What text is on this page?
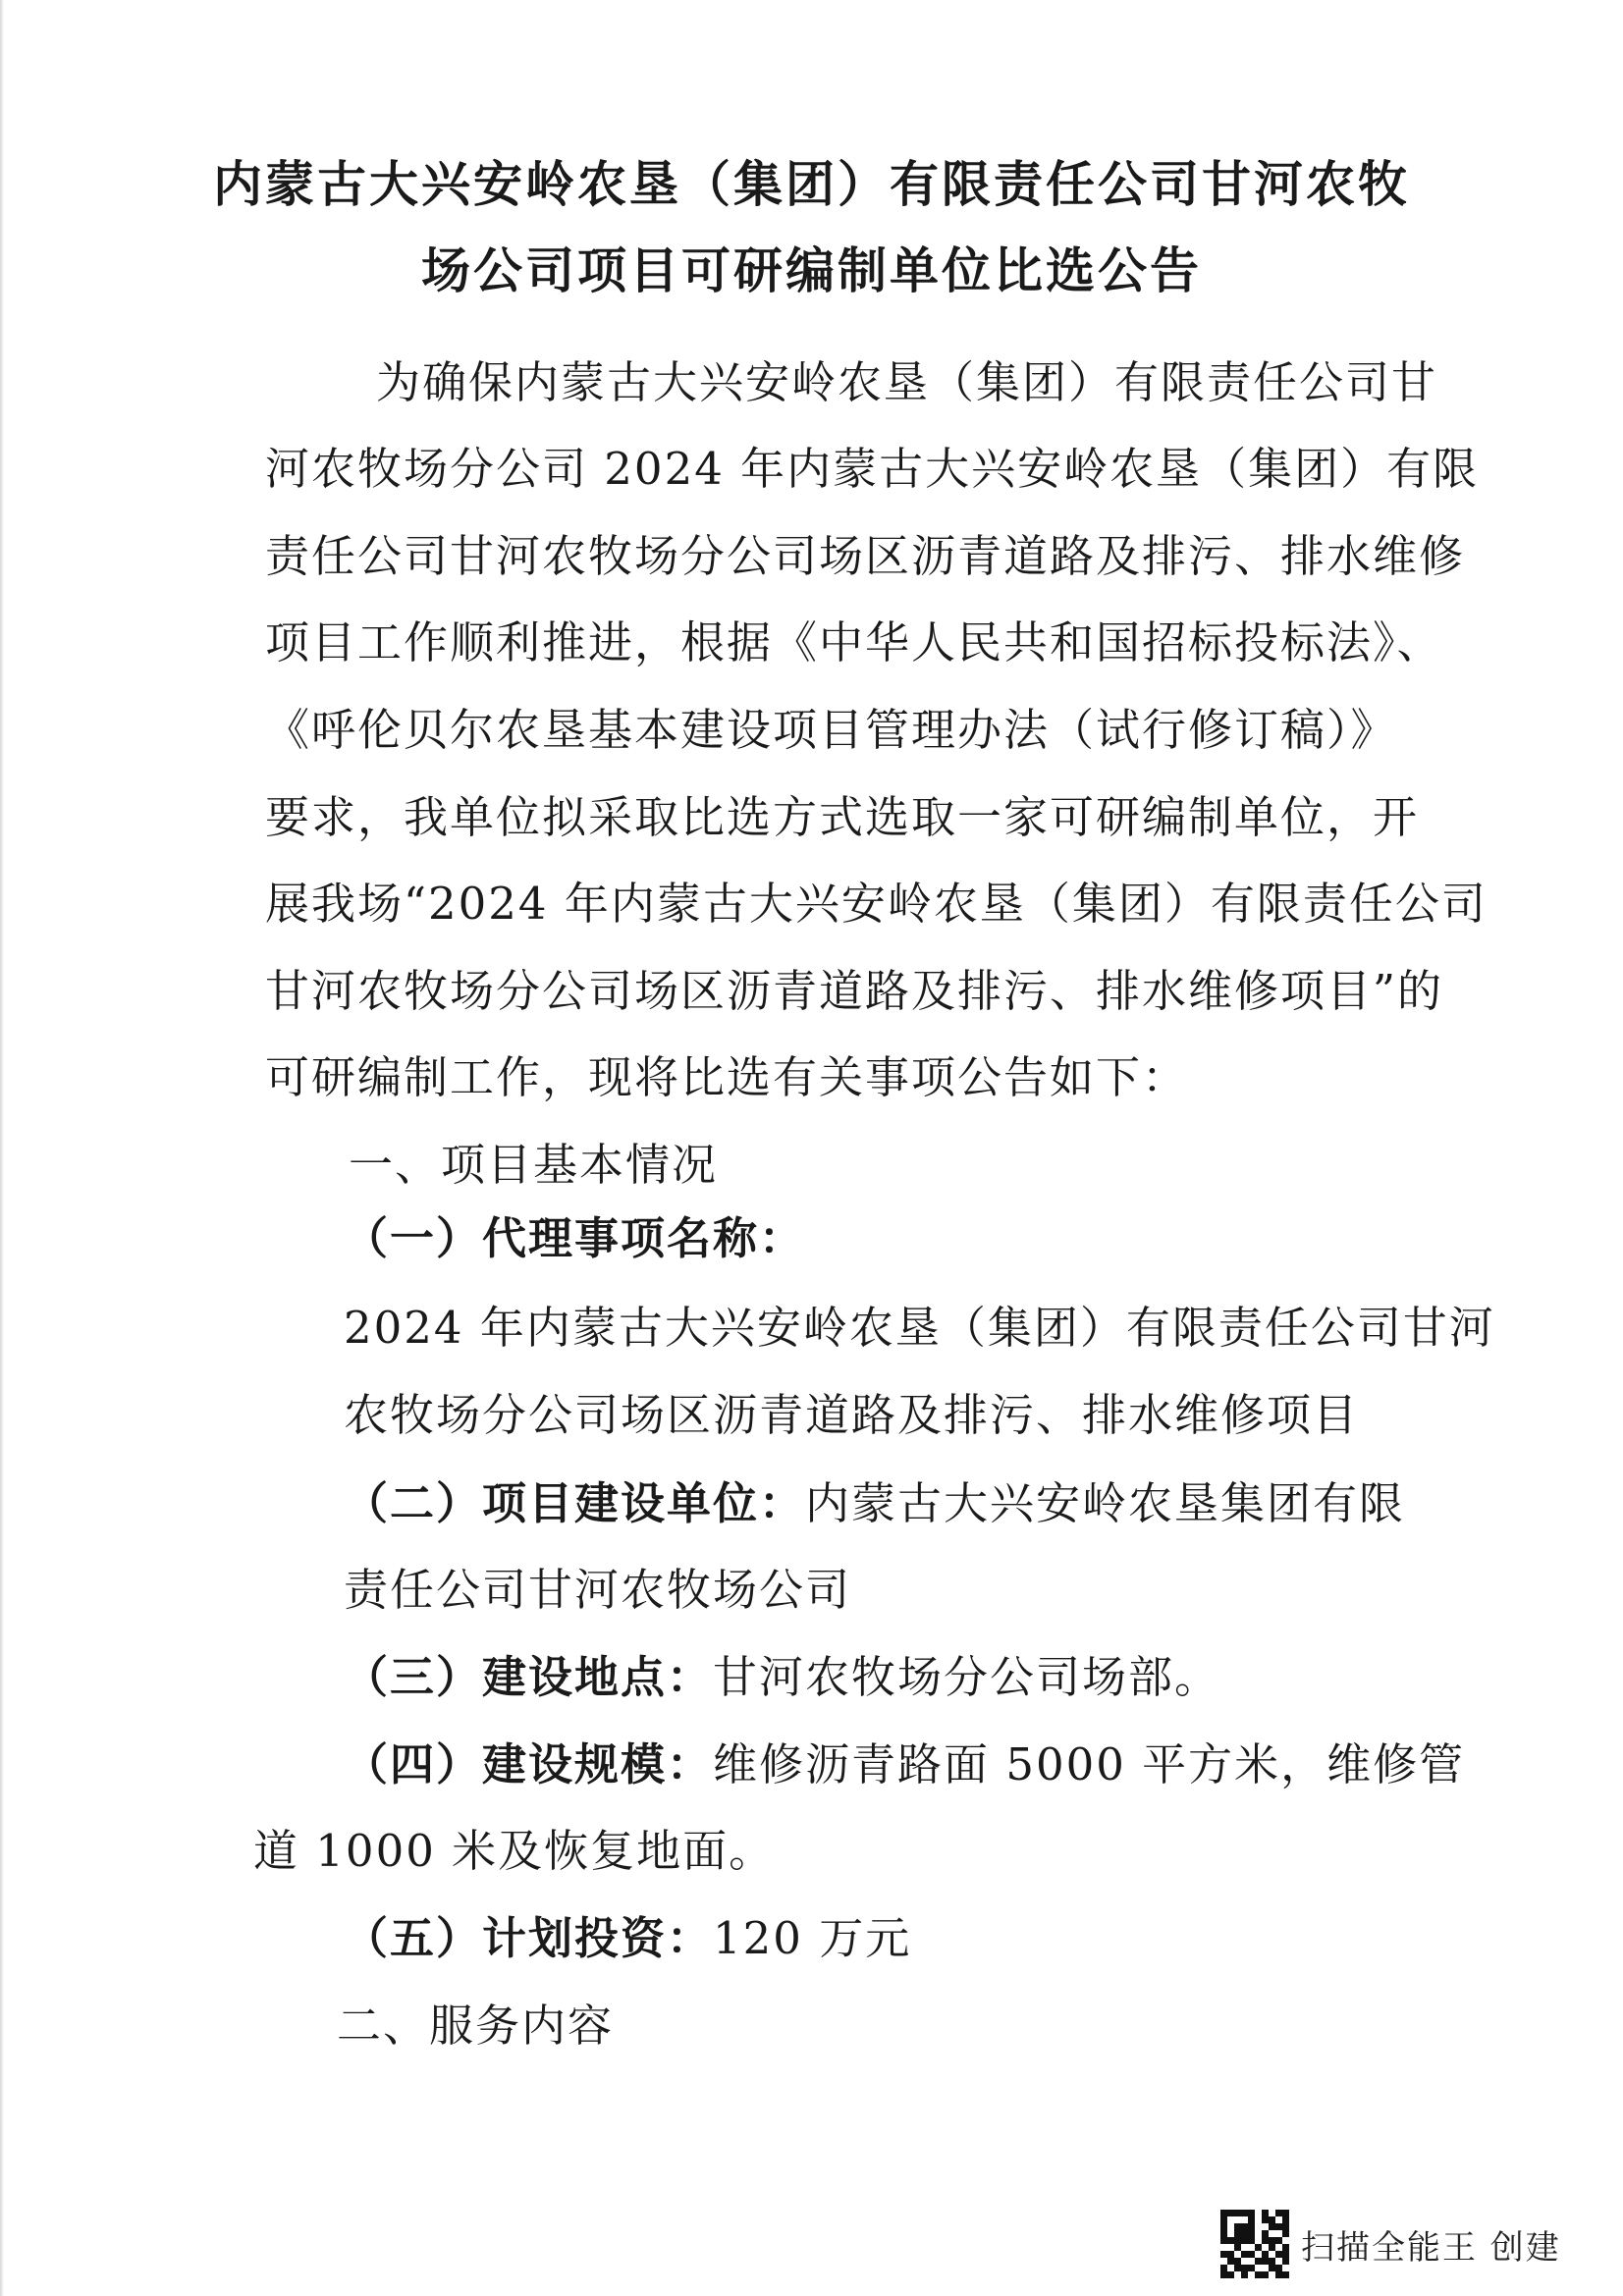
内蒙古大兴安岭农垦（集团）有限责任公司甘河农牧
场公司项目可研编制单位比选公告
为确保内蒙古大兴安岭农垦（集团）有限责任公司甘
河农牧场分公司 2024 年内蒙古大兴安岭农垦（集团）有限
责任公司甘河农牧场分公司场区沥青道路及排污、排水维修
项目工作顺利推进，根据《中华人民共和国招标投标法》、
《呼伦贝尔农垦基本建设项目管理办法（试行修订稿）》
要求，我单位拟采取比选方式选取一家可研编制单位，开
展我场“2024 年内蒙古大兴安岭农垦（集团）有限责任公司
甘河农牧场分公司场区沥青道路及排污、排水维修项目”的
可研编制工作，现将比选有关事项公告如下：
一、项目基本情况
（一）代理事项名称：
2024 年内蒙古大兴安岭农垦（集团）有限责任公司甘河
农牧场分公司场区沥青道路及排污、排水维修项目
（二）项目建设单位：内蒙古大兴安岭农垦集团有限
责任公司甘河农牧场公司
（三）建设地点：甘河农牧场分公司场部。
（四）建设规模：维修沥青路面 5000 平方米，维修管
道 1000 米及恢复地面。
（五）计划投资：120 万元
二、服务内容
扫描全能王 创建
